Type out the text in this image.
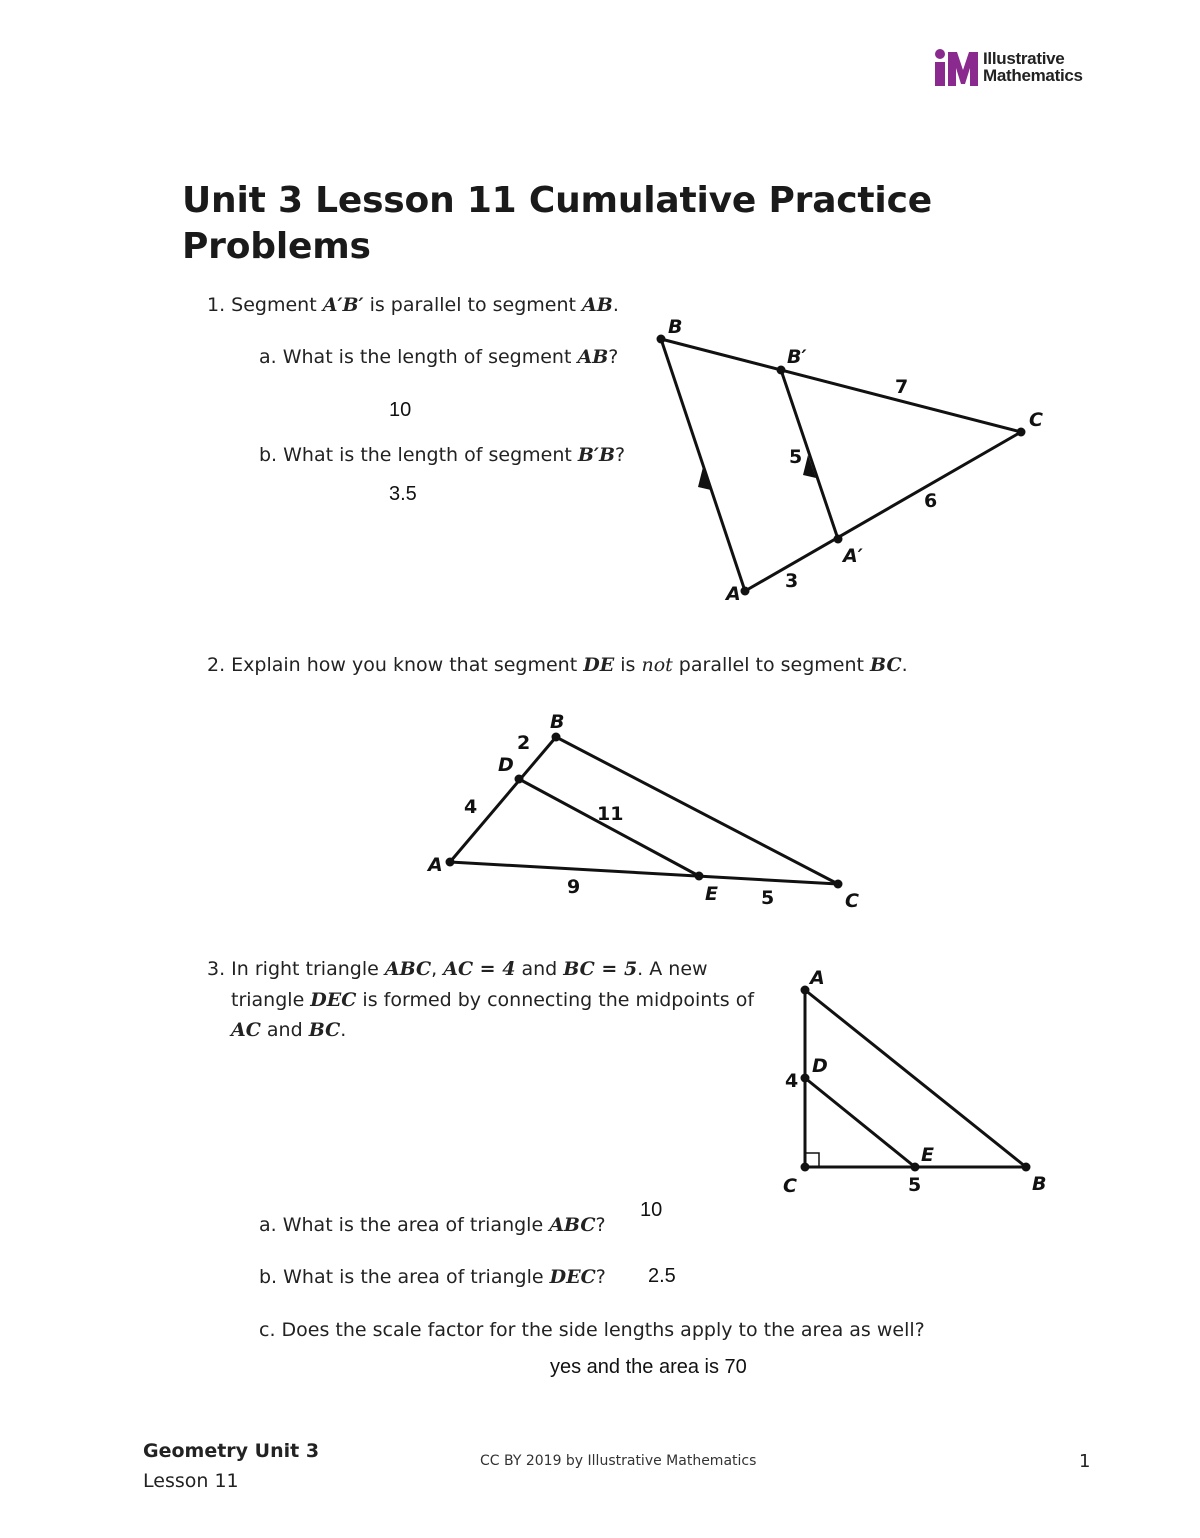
Illustrative
Mathematics
Unit 3 Lesson 11 Cumulative Practice Problems
1. Segment A′B′ is parallel to segment AB.
a. What is the length of segment AB?
10
b. What is the length of segment B′B?
3.5
B
B′
C
A′
A
7
5
6
3
2. Explain how you know that segment DE is not parallel to segment BC.
B
D
A
E	C
2
4	11
9	5
3. In right triangle ABC, AC = 4 and BC = 5. A new
triangle DEC is formed by connecting the midpoints of
AC and BC.
A
D
E
C	B
4
5
a. What is the area of triangle ABC?
10
b. What is the area of triangle DEC? 2.5
c. Does the scale factor for the side lengths apply to the area as well?
yes and the area is 70
Geometry Unit 3
Lesson 11
CC BY 2019 by Illustrative Mathematics	1
